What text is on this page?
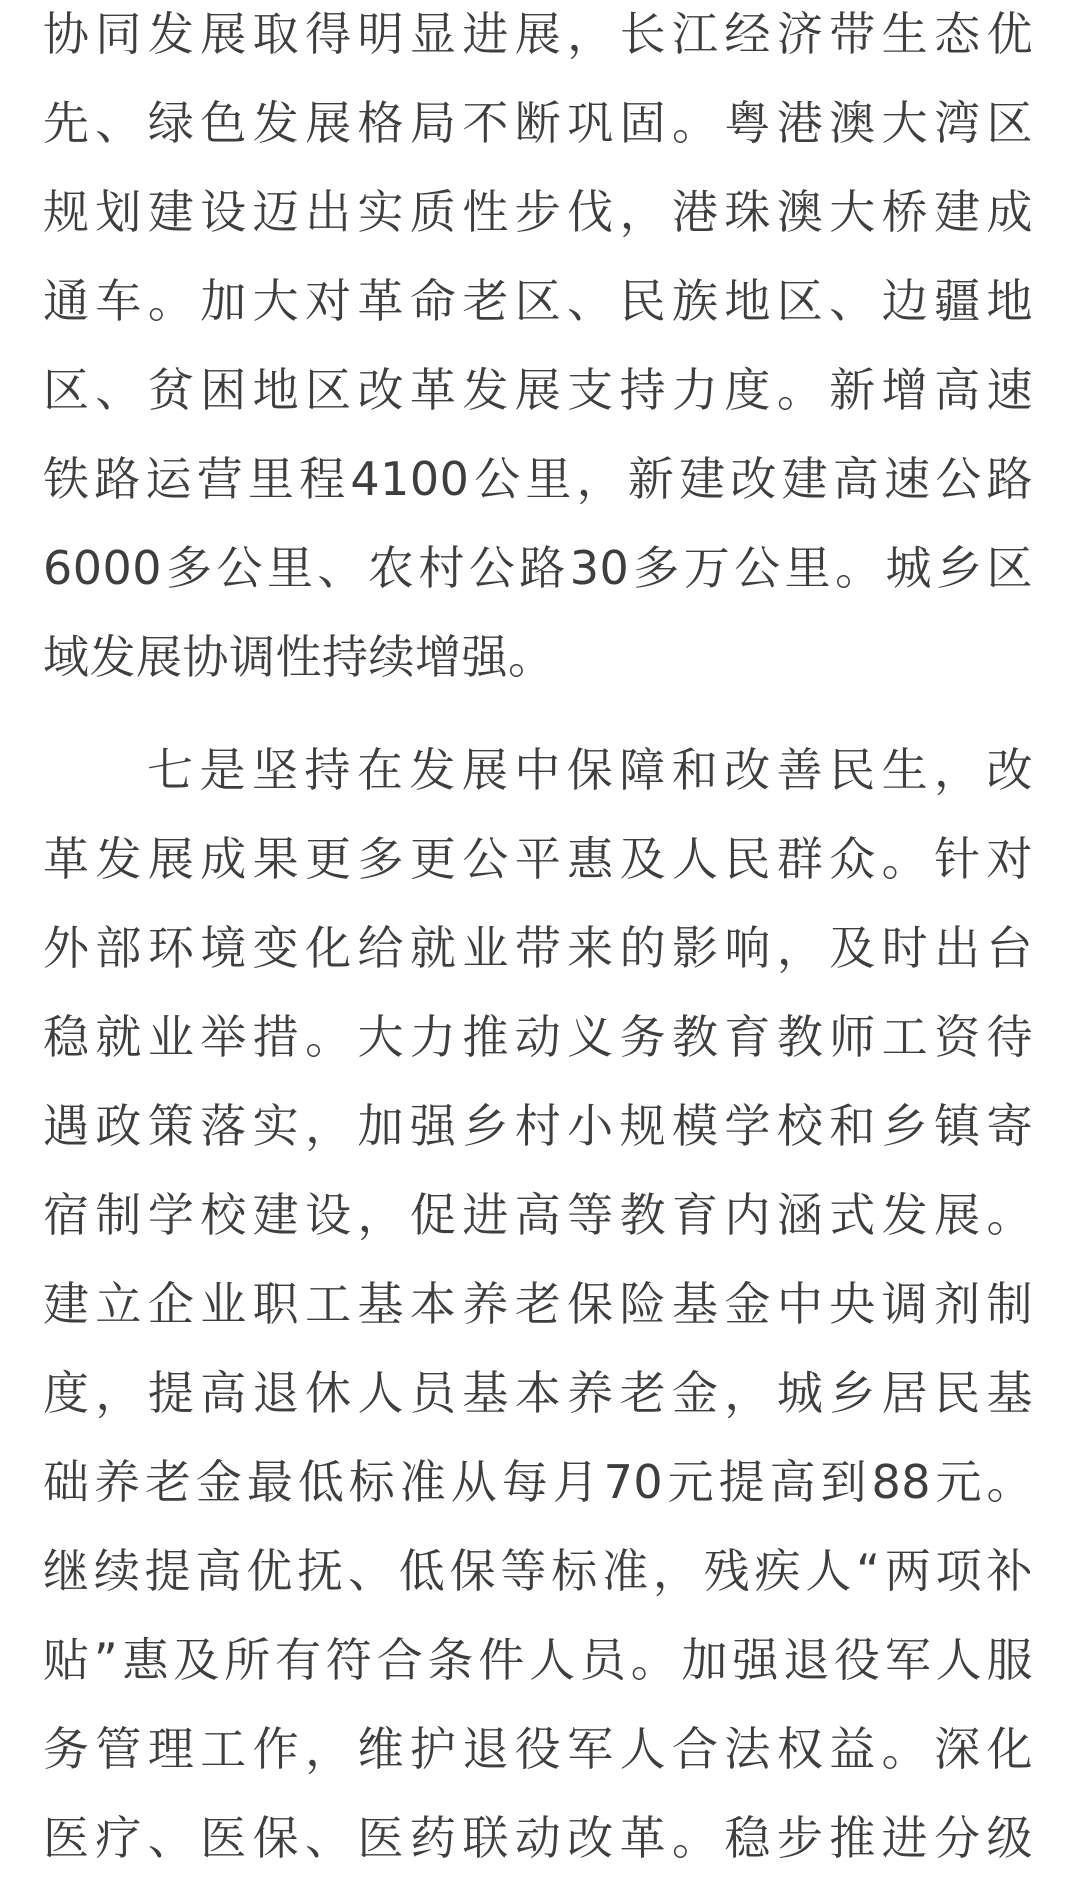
协同发展取得明显进展，长江经济带生态优
先、绿色发展格局不断巩固。粤港澳大湾区
规划建设迈出实质性步伐，港珠澳大桥建成
通车。加大对革命老区、民族地区、边疆地
区、贫困地区改革发展支持力度。新增高速
铁路运营里程4100公里，新建改建高速公路
6000多公里、农村公路30多万公里。城乡区
域发展协调性持续增强。

七是坚持在发展中保障和改善民生，改
革发展成果更多更公平惠及人民群众。针对
外部环境变化给就业带来的影响，及时出台
稳就业举措。大力推动义务教育教师工资待
遇政策落实，加强乡村小规模学校和乡镇寄
宿制学校建设，促进高等教育内涵式发展。
建立企业职工基本养老保险基金中央调剂制
度，提高退休人员基本养老金，城乡居民基
础养老金最低标准从每月70元提高到88元。
继续提高优抚、低保等标准，残疾人“两项补
贴”惠及所有符合条件人员。加强退役军人服
务管理工作，维护退役军人合法权益。深化
医疗、医保、医药联动改革。稳步推进分级
